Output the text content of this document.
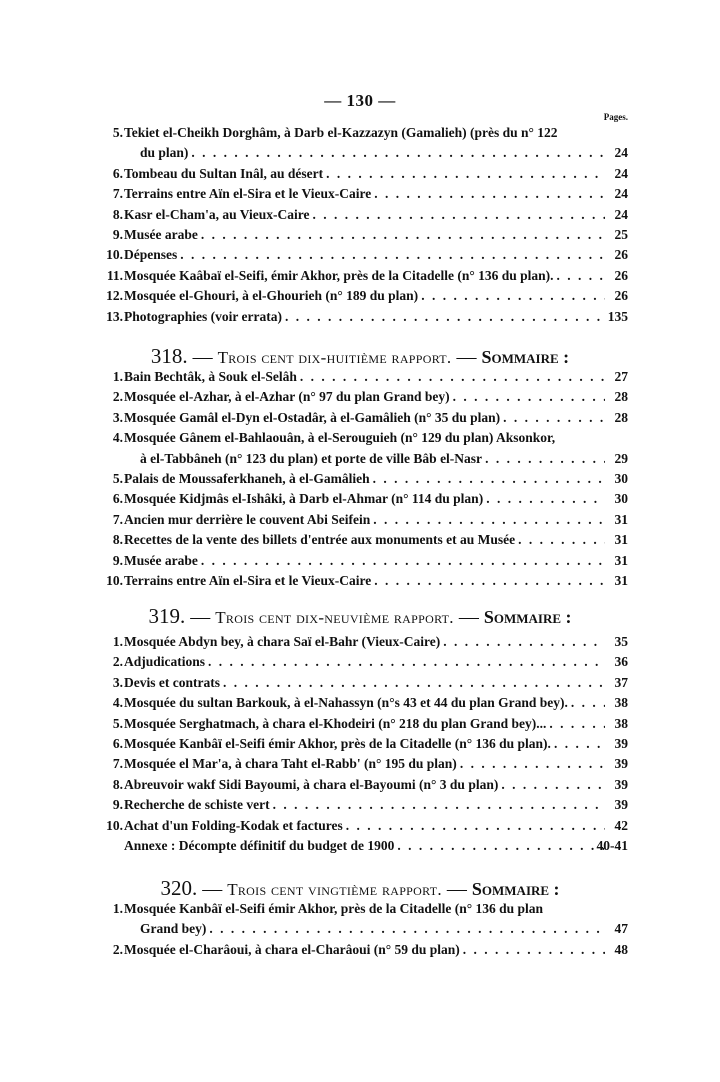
— 130 —
Pages.
5. Tekiet el-Cheikh Dorghâm, à Darb el-Kazzazyn (Gamalieh) (près du n° 122
du plan) . . .	24
6. Tombeau du Sultan Inâl, au désert . . .	24
7. Terrains entre Aïn el-Sira et le Vieux-Caire . . .	24
8. Kasr el-Cham'a, au Vieux-Caire . . .	24
9. Musée arabe . . .	25
10. Dépenses . . .	26
11. Mosquée Kaâbaï el-Seifi, émir Akhor, près de la Citadelle (n° 136 du plan). . . .	26
12. Mosquée el-Ghouri, à el-Ghourieh (n° 189 du plan) . . .	26
13. Photographies (voir errata) . . .	135
318. — Trois cent dix-huitième rapport. — Sommaire :
1. Bain Bechtâk, à Souk el-Selâh . . .	27
2. Mosquée el-Azhar, à el-Azhar (n° 97 du plan Grand bey) . . .	28
3. Mosquée Gamâl el-Dyn el-Ostadâr, à el-Gamâlieh (n° 35 du plan) . . .	28
4. Mosquée Gânem el-Bahlaouân, à el-Serouguieh (n° 129 du plan) Aksonkor,
à el-Tabbâneh (n° 123 du plan) et porte de ville Bâb el-Nasr . . .	29
5. Palais de Moussaferkhaneh, à el-Gamâlieh . . .	30
6. Mosquée Kidjmâs el-Ishâki, à Darb el-Ahmar (n° 114 du plan) . . .	30
7. Ancien mur derrière le couvent Abi Seifein . . .	31
8. Recettes de la vente des billets d'entrée aux monuments et au Musée . . .	31
9. Musée arabe . . .	31
10. Terrains entre Aïn el-Sira et le Vieux-Caire . . .	31
319. — Trois cent dix-neuvième rapport. — Sommaire :
1. Mosquée Abdyn bey, à chara Saï el-Bahr (Vieux-Caire) . . .	35
2. Adjudications . . .	36
3. Devis et contrats . . .	37
4. Mosquée du sultan Barkouk, à el-Nahassyn (n°s 43 et 44 du plan Grand bey). . . .	38
5. Mosquée Serghatmach, à chara el-Khodeiri (n° 218 du plan Grand bey)... . . .	38
6. Mosquée Kanbâï el-Seifi émir Akhor, près de la Citadelle (n° 136 du plan). . . .	39
7. Mosquée el Mar'a, à chara Taht el-Rabb' (n° 195 du plan) . . .	39
8. Abreuvoir wakf Sidi Bayoumi, à chara el-Bayoumi (n° 3 du plan) . . .	39
9. Recherche de schiste vert . . .	39
10. Achat d'un Folding-Kodak et factures . . .	42
Annexe : Décompte définitif du budget de 1900 . . .	40-41
320. — Trois cent vingtième rapport. — Sommaire :
1. Mosquée Kanbâï el-Seifi émir Akhor, près de la Citadelle (n° 136 du plan
Grand bey) . . .	47
2. Mosquée el-Charâoui, à chara el-Charâoui (n° 59 du plan) . . .	48
